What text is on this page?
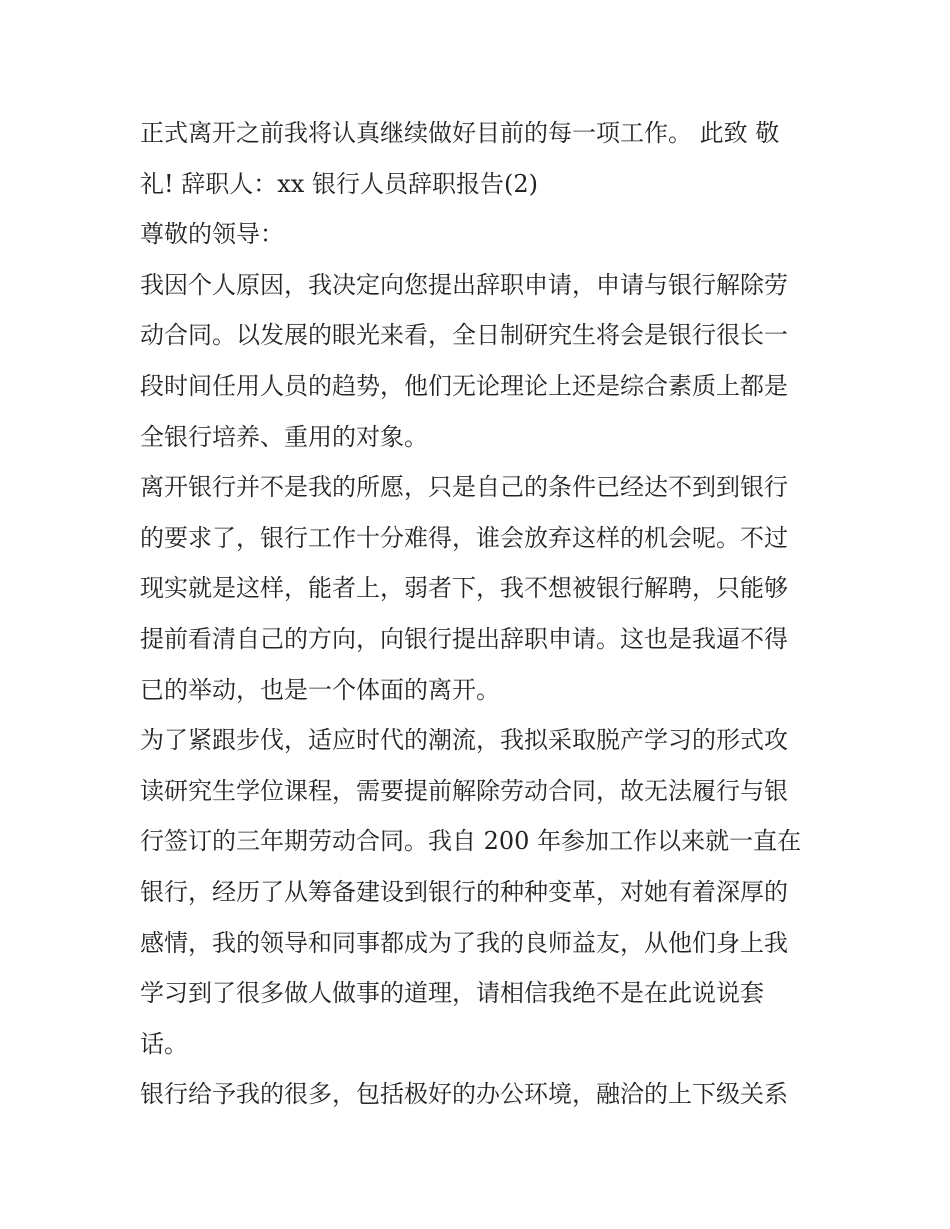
正式离开之前我将认真继续做好目前的每一项工作。 此致 敬
礼! 辞职人：xx 银行人员辞职报告(2)
尊敬的领导：
我因个人原因，我决定向您提出辞职申请，申请与银行解除劳
动合同。以发展的眼光来看，全日制研究生将会是银行很长一
段时间任用人员的趋势，他们无论理论上还是综合素质上都是
全银行培养、重用的对象。
离开银行并不是我的所愿，只是自己的条件已经达不到到银行
的要求了，银行工作十分难得，谁会放弃这样的机会呢。不过
现实就是这样，能者上，弱者下，我不想被银行解聘，只能够
提前看清自己的方向，向银行提出辞职申请。这也是我逼不得
已的举动，也是一个体面的离开。
为了紧跟步伐，适应时代的潮流，我拟采取脱产学习的形式攻
读研究生学位课程，需要提前解除劳动合同，故无法履行与银
行签订的三年期劳动合同。我自 200 年参加工作以来就一直在
银行，经历了从筹备建设到银行的种种变革，对她有着深厚的
感情，我的领导和同事都成为了我的良师益友，从他们身上我
学习到了很多做人做事的道理，请相信我绝不是在此说说套
话。
银行给予我的很多，包括极好的办公环境，融洽的上下级关系
